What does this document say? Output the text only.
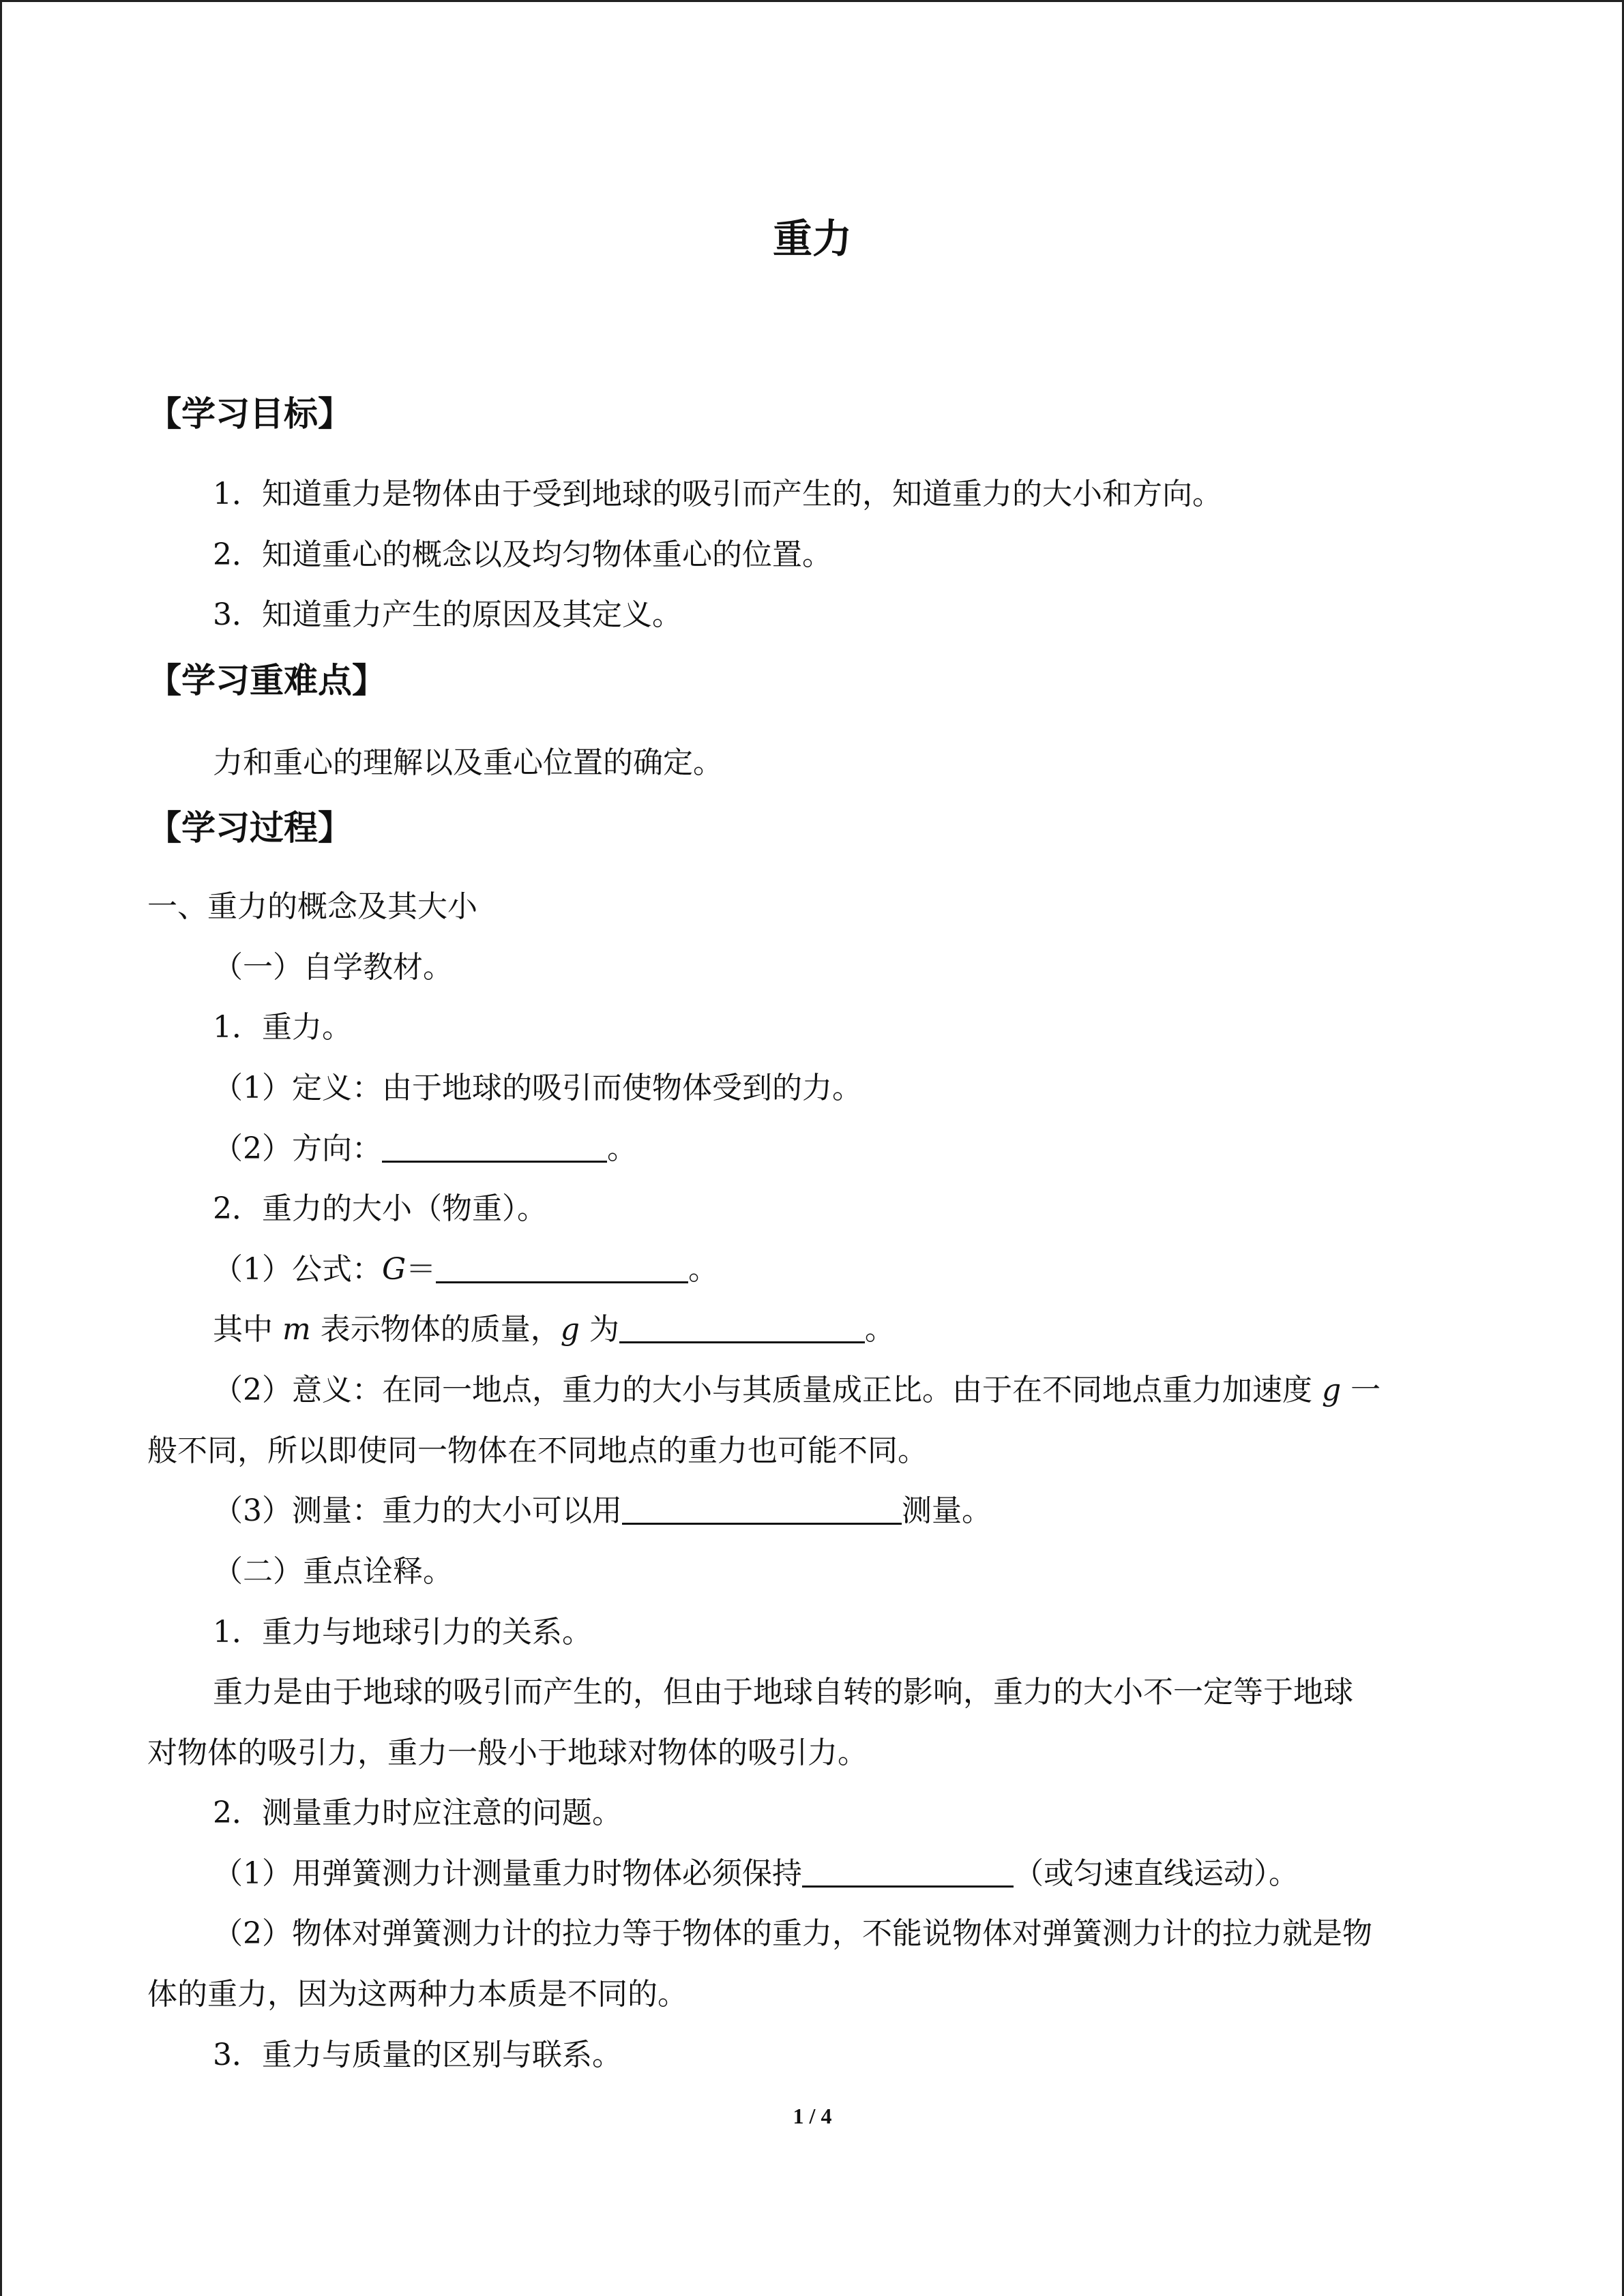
重力
【学习目标】
1．知道重力是物体由于受到地球的吸引而产生的，知道重力的大小和方向。
2．知道重心的概念以及均匀物体重心的位置。
3．知道重力产生的原因及其定义。
【学习重难点】
力和重心的理解以及重心位置的确定。
【学习过程】
一、重力的概念及其大小
（一）自学教材。
1．重力。
（1）定义：由于地球的吸引而使物体受到的力。
（2）方向：	。
2．重力的大小（物重）。
（1）公式：G＝	。
其中 m 表示物体的质量，g 为	。
（2）意义：在同一地点，重力的大小与其质量成正比。由于在不同地点重力加速度 g 一
般不同，所以即使同一物体在不同地点的重力也可能不同。
（3）测量：重力的大小可以用	测量。
（二）重点诠释。
1．重力与地球引力的关系。
重力是由于地球的吸引而产生的，但由于地球自转的影响，重力的大小不一定等于地球
对物体的吸引力，重力一般小于地球对物体的吸引力。
2．测量重力时应注意的问题。
（1）用弹簧测力计测量重力时物体必须保持	（或匀速直线运动）。
（2）物体对弹簧测力计的拉力等于物体的重力，不能说物体对弹簧测力计的拉力就是物
体的重力，因为这两种力本质是不同的。
3．重力与质量的区别与联系。
1 / 4
